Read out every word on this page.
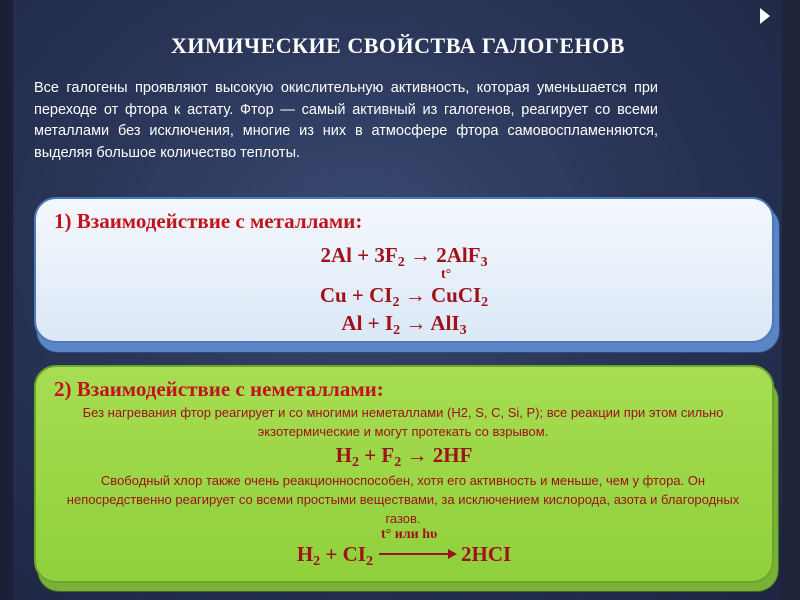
ХИМИЧЕСКИЕ СВОЙСТВА ГАЛОГЕНОВ
Все галогены проявляют высокую окислительную активность, которая уменьшается при переходе от фтора к астату. Фтор — самый активный из галогенов, реагирует со всеми металлами без исключения, многие из них в атмосфере фтора самовоспламеняются, выделяя большое количество теплоты.
1) Взаимодействие с металлами:
$2Al + 3F_2 \to 2AlF_3$
t°
$Cu + CI_2$ → CuCI$_2$
$Al + I_2 \to AlI_3$
2) Взаимодействие с неметаллами:
Без нагревания фтор реагирует и со многими неметаллами (H2, S, C, Si, P); все реакции при этом сильно экзотермические и могут протекать со взрывом.
$H_2 + F_2 \to 2HF$
Свободный хлор также очень реакционноспособен, хотя его активность и меньше, чем у фтора. Он непосредственно реагирует со всеми простыми веществами, за исключением кислорода, азота и благородных газов.
t° или hυ
$H_2 + CI_2$	2HCI
